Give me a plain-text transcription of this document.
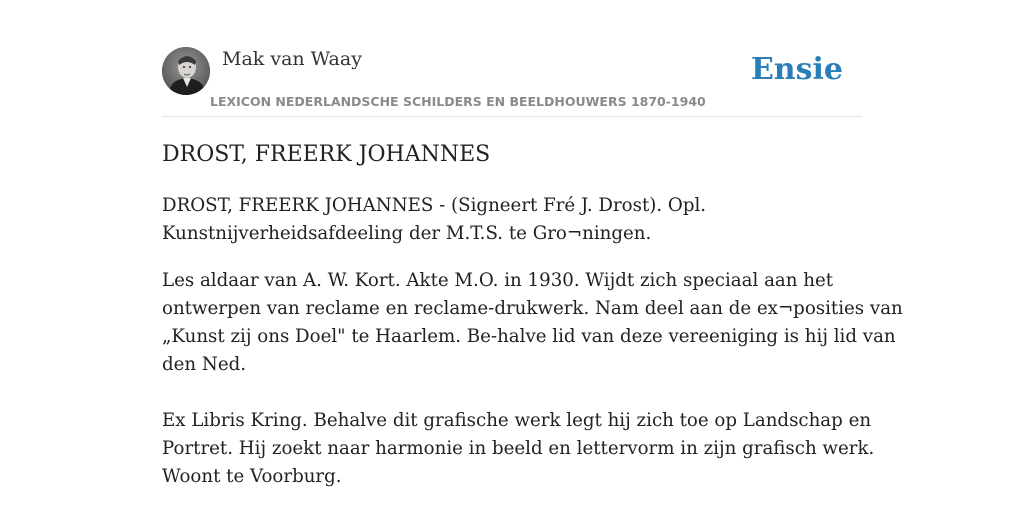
Mak van Waay
LEXICON NEDERLANDSCHE SCHILDERS EN BEELDHOUWERS 1870-1940
Ensie
DROST, FREERK JOHANNES

DROST, FREERK JOHANNES - (Signeert Fré J. Drost). Opl.
Kunstnijverheidsafdeeling der M.T.S. te Gro¬ningen.

Les aldaar van A. W. Kort. Akte M.O. in 1930. Wijdt zich speciaal aan het
ontwerpen van reclame en reclame-drukwerk. Nam deel aan de ex¬posities van
„Kunst zij ons Doel" te Haarlem. Be-halve lid van deze vereeniging is hij lid van
den Ned.

Ex Libris Kring. Behalve dit grafische werk legt hij zich toe op Landschap en
Portret. Hij zoekt naar harmonie in beeld en lettervorm in zijn grafisch werk.
Woont te Voorburg.
